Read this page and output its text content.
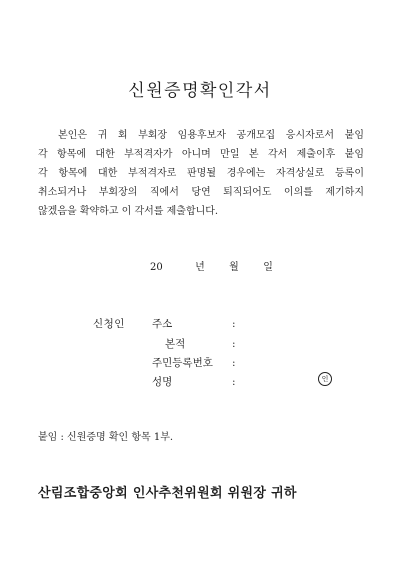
신원증명확인각서
본인은 귀 회 부회장 임용후보자 공개모집 응시자로서 붙임
각 항목에 대한 부적격자가 아니며 만일 본 각서 제출이후 붙임
각 항목에 대한 부적격자로 판명될 경우에는 자격상실로 등록이
취소되거나 부회장의 직에서 당연 퇴직되어도 이의를 제기하지
않겠음을 확약하고 이 각서를 제출합니다.
20	년 월 일
신청인	주소	:
본적	:
주민등록번호 :
성명	:	인
붙임 : 신원증명 확인 항목 1부.
산림조합중앙회 인사추천위원회 위원장 귀하
